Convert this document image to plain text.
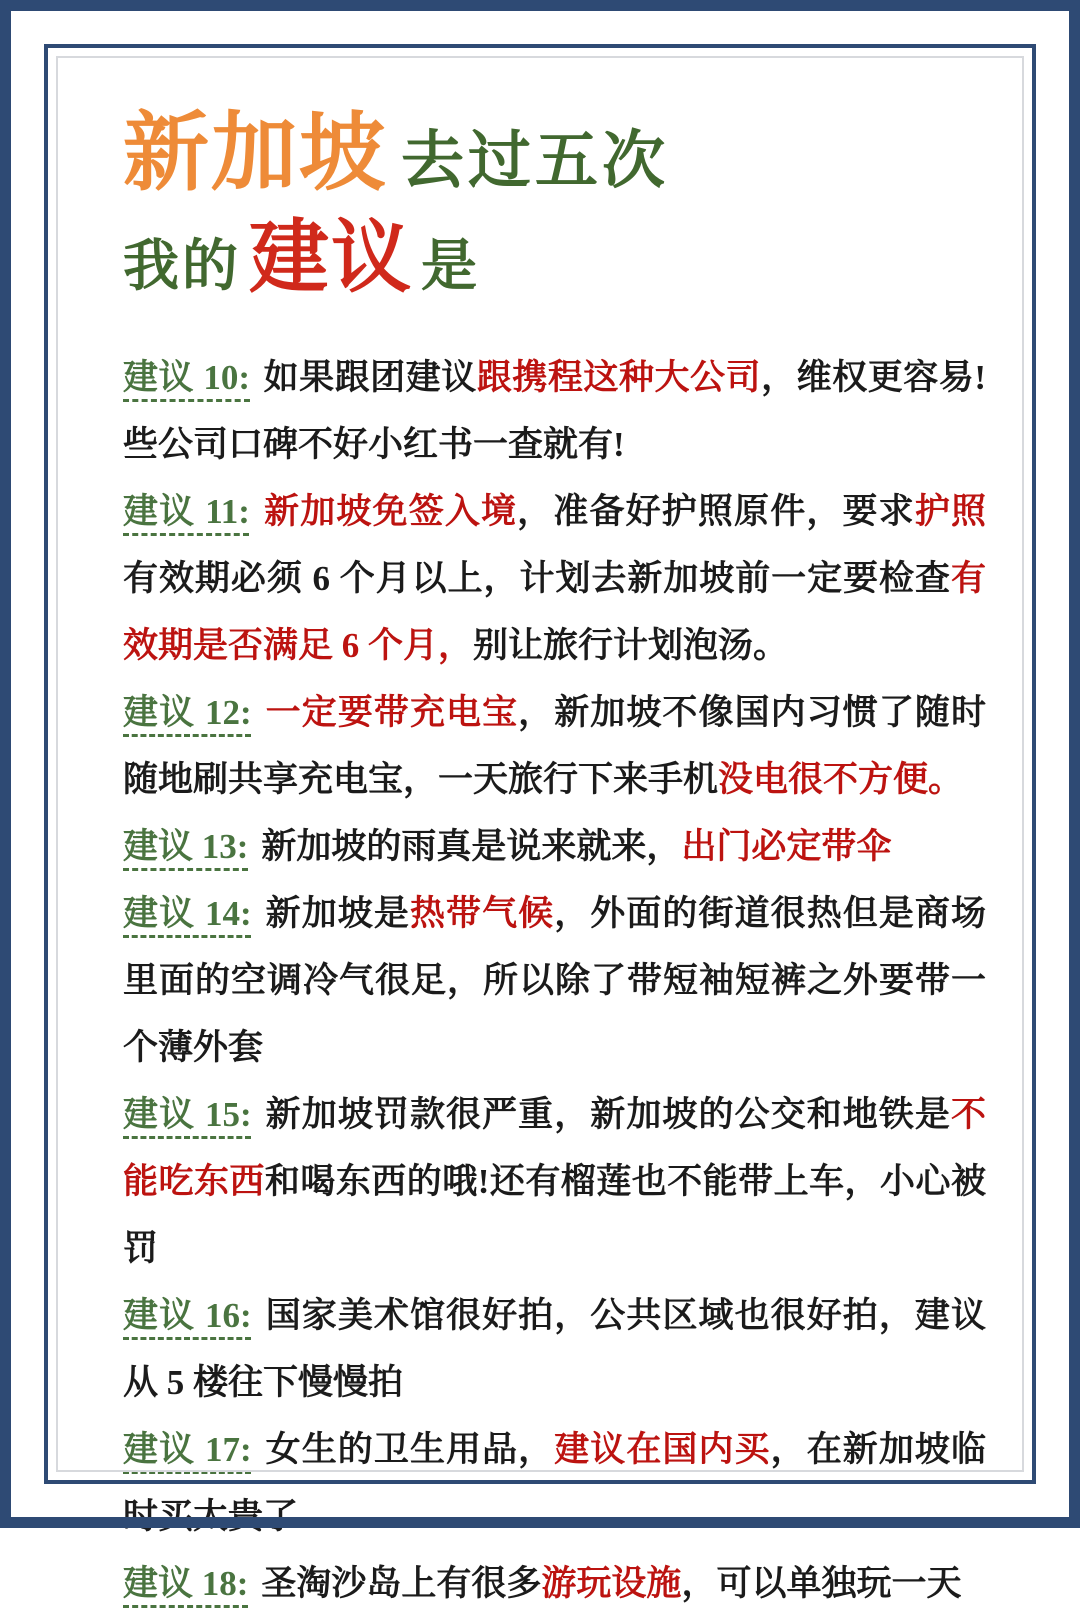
新加坡 去过五次
我的 建议 是

建议 10: 如果跟团建议跟携程这种大公司，维权更容易!些公司口碑不好小红书一查就有!

建议 11: 新加坡免签入境，准备好护照原件，要求护照有效期必须 6 个月以上，计划去新加坡前一定要检查有效期是否满足 6 个月，别让旅行计划泡汤。

建议 12: 一定要带充电宝，新加坡不像国内习惯了随时随地刷共享充电宝，一天旅行下来手机没电很不方便。

建议 13: 新加坡的雨真是说来就来，出门必定带伞

建议 14: 新加坡是热带气候，外面的街道很热但是商场里面的空调冷气很足，所以除了带短袖短裤之外要带一个薄外套

建议 15: 新加坡罚款很严重，新加坡的公交和地铁是不能吃东西和喝东西的哦!还有榴莲也不能带上车，小心被罚

建议 16: 国家美术馆很好拍，公共区域也很好拍，建议从 5 楼往下慢慢拍

建议 17: 女生的卫生用品，建议在国内买，在新加坡临时买太贵了

建议 18: 圣淘沙岛上有很多游玩设施，可以单独玩一天
